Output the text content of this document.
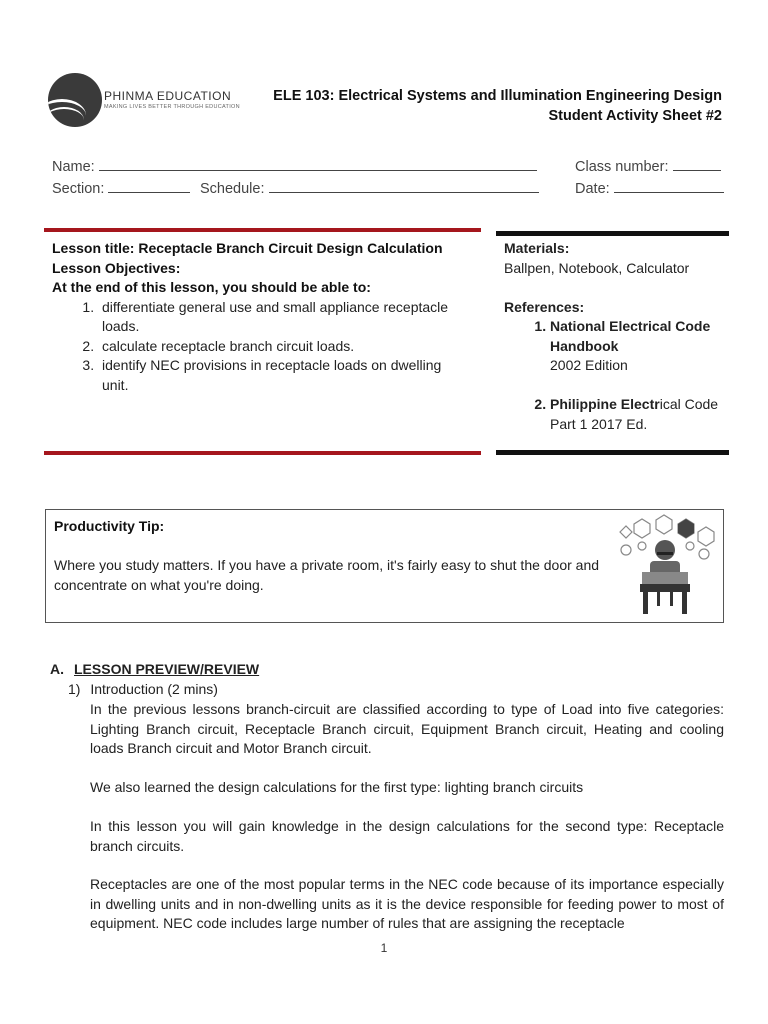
PHINMA EDUCATION
MAKING LIVES BETTER THROUGH EDUCATION
ELE 103: Electrical Systems and Illumination Engineering Design
Student Activity Sheet #2
Name:	Class number:
Section:	Schedule:	Date:
Lesson title: Receptacle Branch Circuit Design Calculation
Lesson Objectives:
At the end of this lesson, you should be able to:
1. differentiate general use and small appliance receptacle loads.
2. calculate receptacle branch circuit loads.
3. identify NEC provisions in receptacle loads on dwelling unit.
Materials:
Ballpen, Notebook, Calculator
References:
1. National Electrical Code Handbook
2002 Edition
2. Philippine Electrical Code
Part 1 2017 Ed.
Productivity Tip:
Where you study matters. If you have a private room, it's fairly easy to shut the door and concentrate on what you're doing.
A. LESSON PREVIEW/REVIEW
1) Introduction (2 mins)
In the previous lessons branch-circuit are classified according to type of Load into five categories: Lighting Branch circuit, Receptacle Branch circuit, Equipment Branch circuit, Heating and cooling loads Branch circuit and Motor Branch circuit.
We also learned the design calculations for the first type: lighting branch circuits
In this lesson you will gain knowledge in the design calculations for the second type: Receptacle branch circuits.
Receptacles are one of the most popular terms in the NEC code because of its importance especially in dwelling units and in non-dwelling units as it is the device responsible for feeding power to most of equipment. NEC code includes large number of rules that are assigning the receptacle
1
